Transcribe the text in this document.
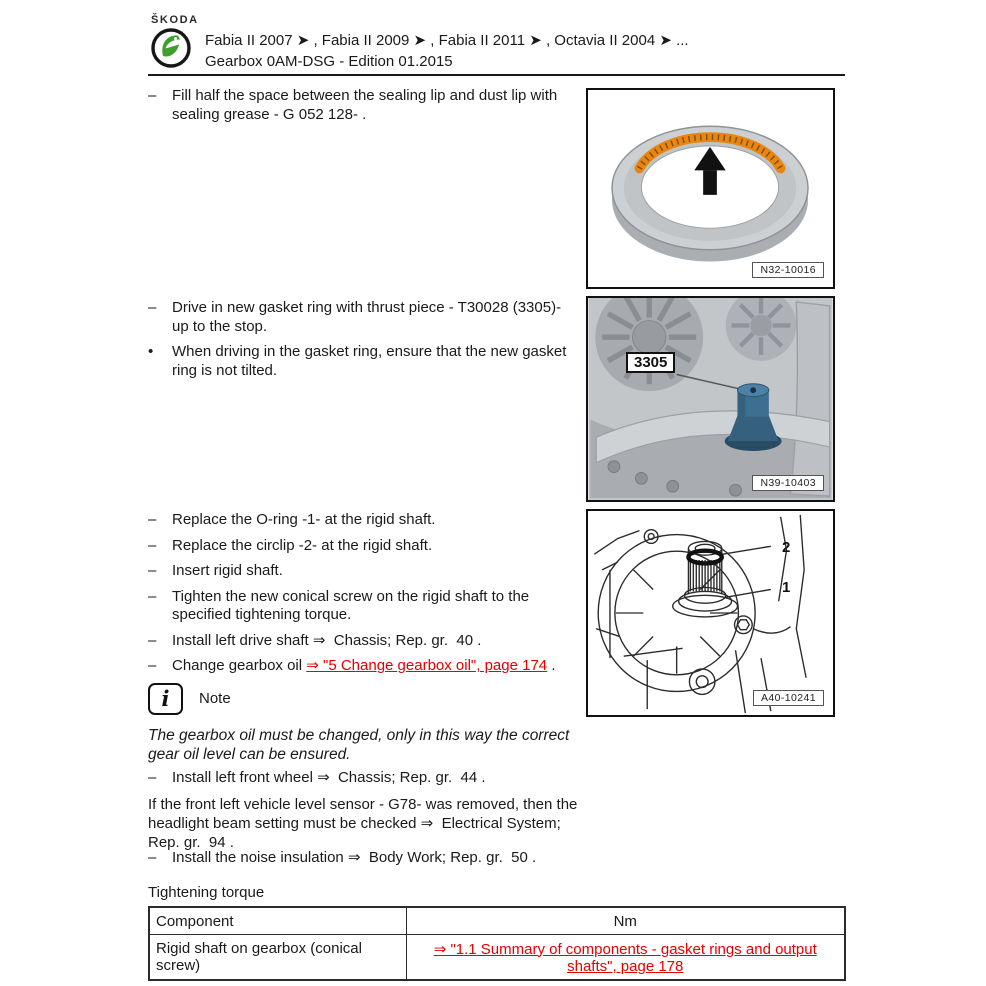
ŠKODA
Fabia II 2007 ➤ , Fabia II 2009 ➤ , Fabia II 2011 ➤ , Octavia II 2004 ➤ ...
Gearbox 0AM-DSG - Edition 01.2015
–	Fill half the space between the sealing lip and dust lip with sealing grease - G 052 128- .
–	Drive in new gasket ring with thrust piece - T30028 (3305)- up to the stop.
•	When driving in the gasket ring, ensure that the new gasket ring is not tilted.
–	Replace the O-ring -1- at the rigid shaft.
–	Replace the circlip -2- at the rigid shaft.
–	Insert rigid shaft.
–	Tighten the new conical screw on the rigid shaft to the specified tightening torque.
–	Install left drive shaft ⇒  Chassis; Rep. gr.  40 .
–	Change gearbox oil ⇒ "5 Change gearbox oil", page 174 .
i	Note
The gearbox oil must be changed, only in this way the correct gear oil level can be ensured.
–	Install left front wheel ⇒  Chassis; Rep. gr.  44 .
If the front left vehicle level sensor - G78- was removed, then the headlight beam setting must be checked ⇒  Electrical System; Rep. gr.  94 .
–	Install the noise insulation ⇒  Body Work; Rep. gr.  50 .
Tightening torque
Component	Nm
Rigid shaft on gearbox (conical screw)	⇒ "1.1 Summary of components - gasket rings and output shafts", page 178
N32-10016
3305
N39-10403
2
1
A40-10241
